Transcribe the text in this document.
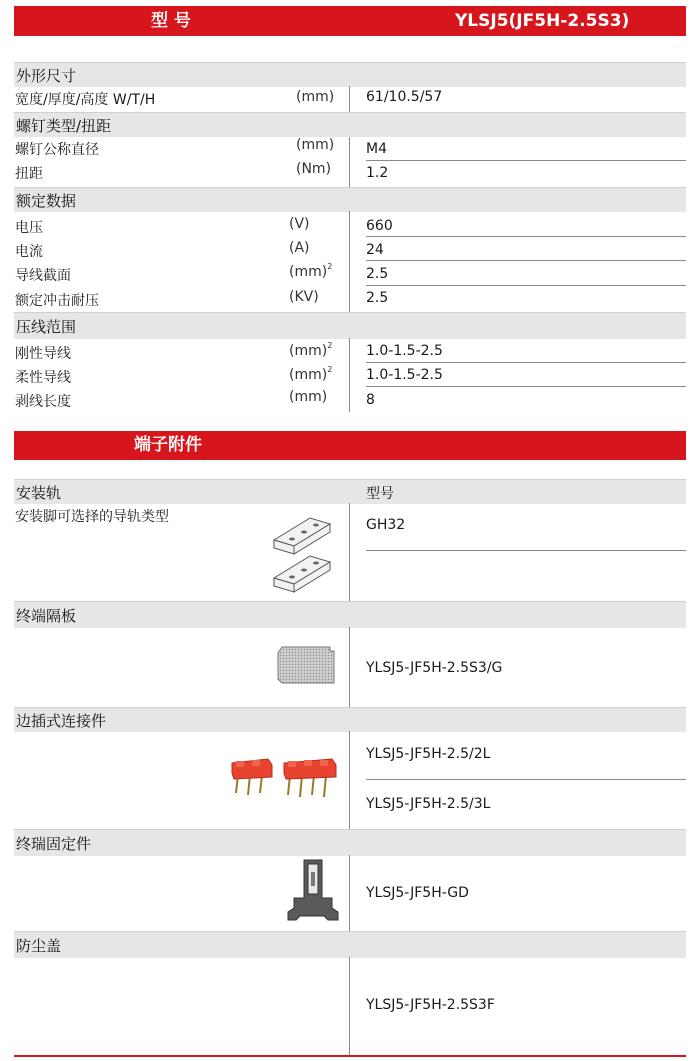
型 号	YLSJ5(JF5H-2.5S3)
外形尺寸
宽度/厚度/高度 W/T/H	(mm) 61/10.5/57
螺钉类型/扭距
螺钉公称直径	(mm) M4
扭距	(Nm) 1.2
额定数据
电压	(V)	660
电流	(A)	24
导线截面	(mm)$^2$ 2.5
额定冲击耐压	(KV)	2.5
压线范围
刚性导线	(mm)$^2$ 1.0-1.5-2.5
柔性导线	(mm)$^2$ 1.0-1.5-2.5
剥线长度	(mm)	8
端子附件
安装轨	型号
安装脚可选择的导轨类型	GH32
终端隔板
YLSJ5-JF5H-2.5S3/G
边插式连接件
YLSJ5-JF5H-2.5/2L
YLSJ5-JF5H-2.5/3L
终瑞固定件
YLSJ5-JF5H-GD
防尘盖
YLSJ5-JF5H-2.5S3F
